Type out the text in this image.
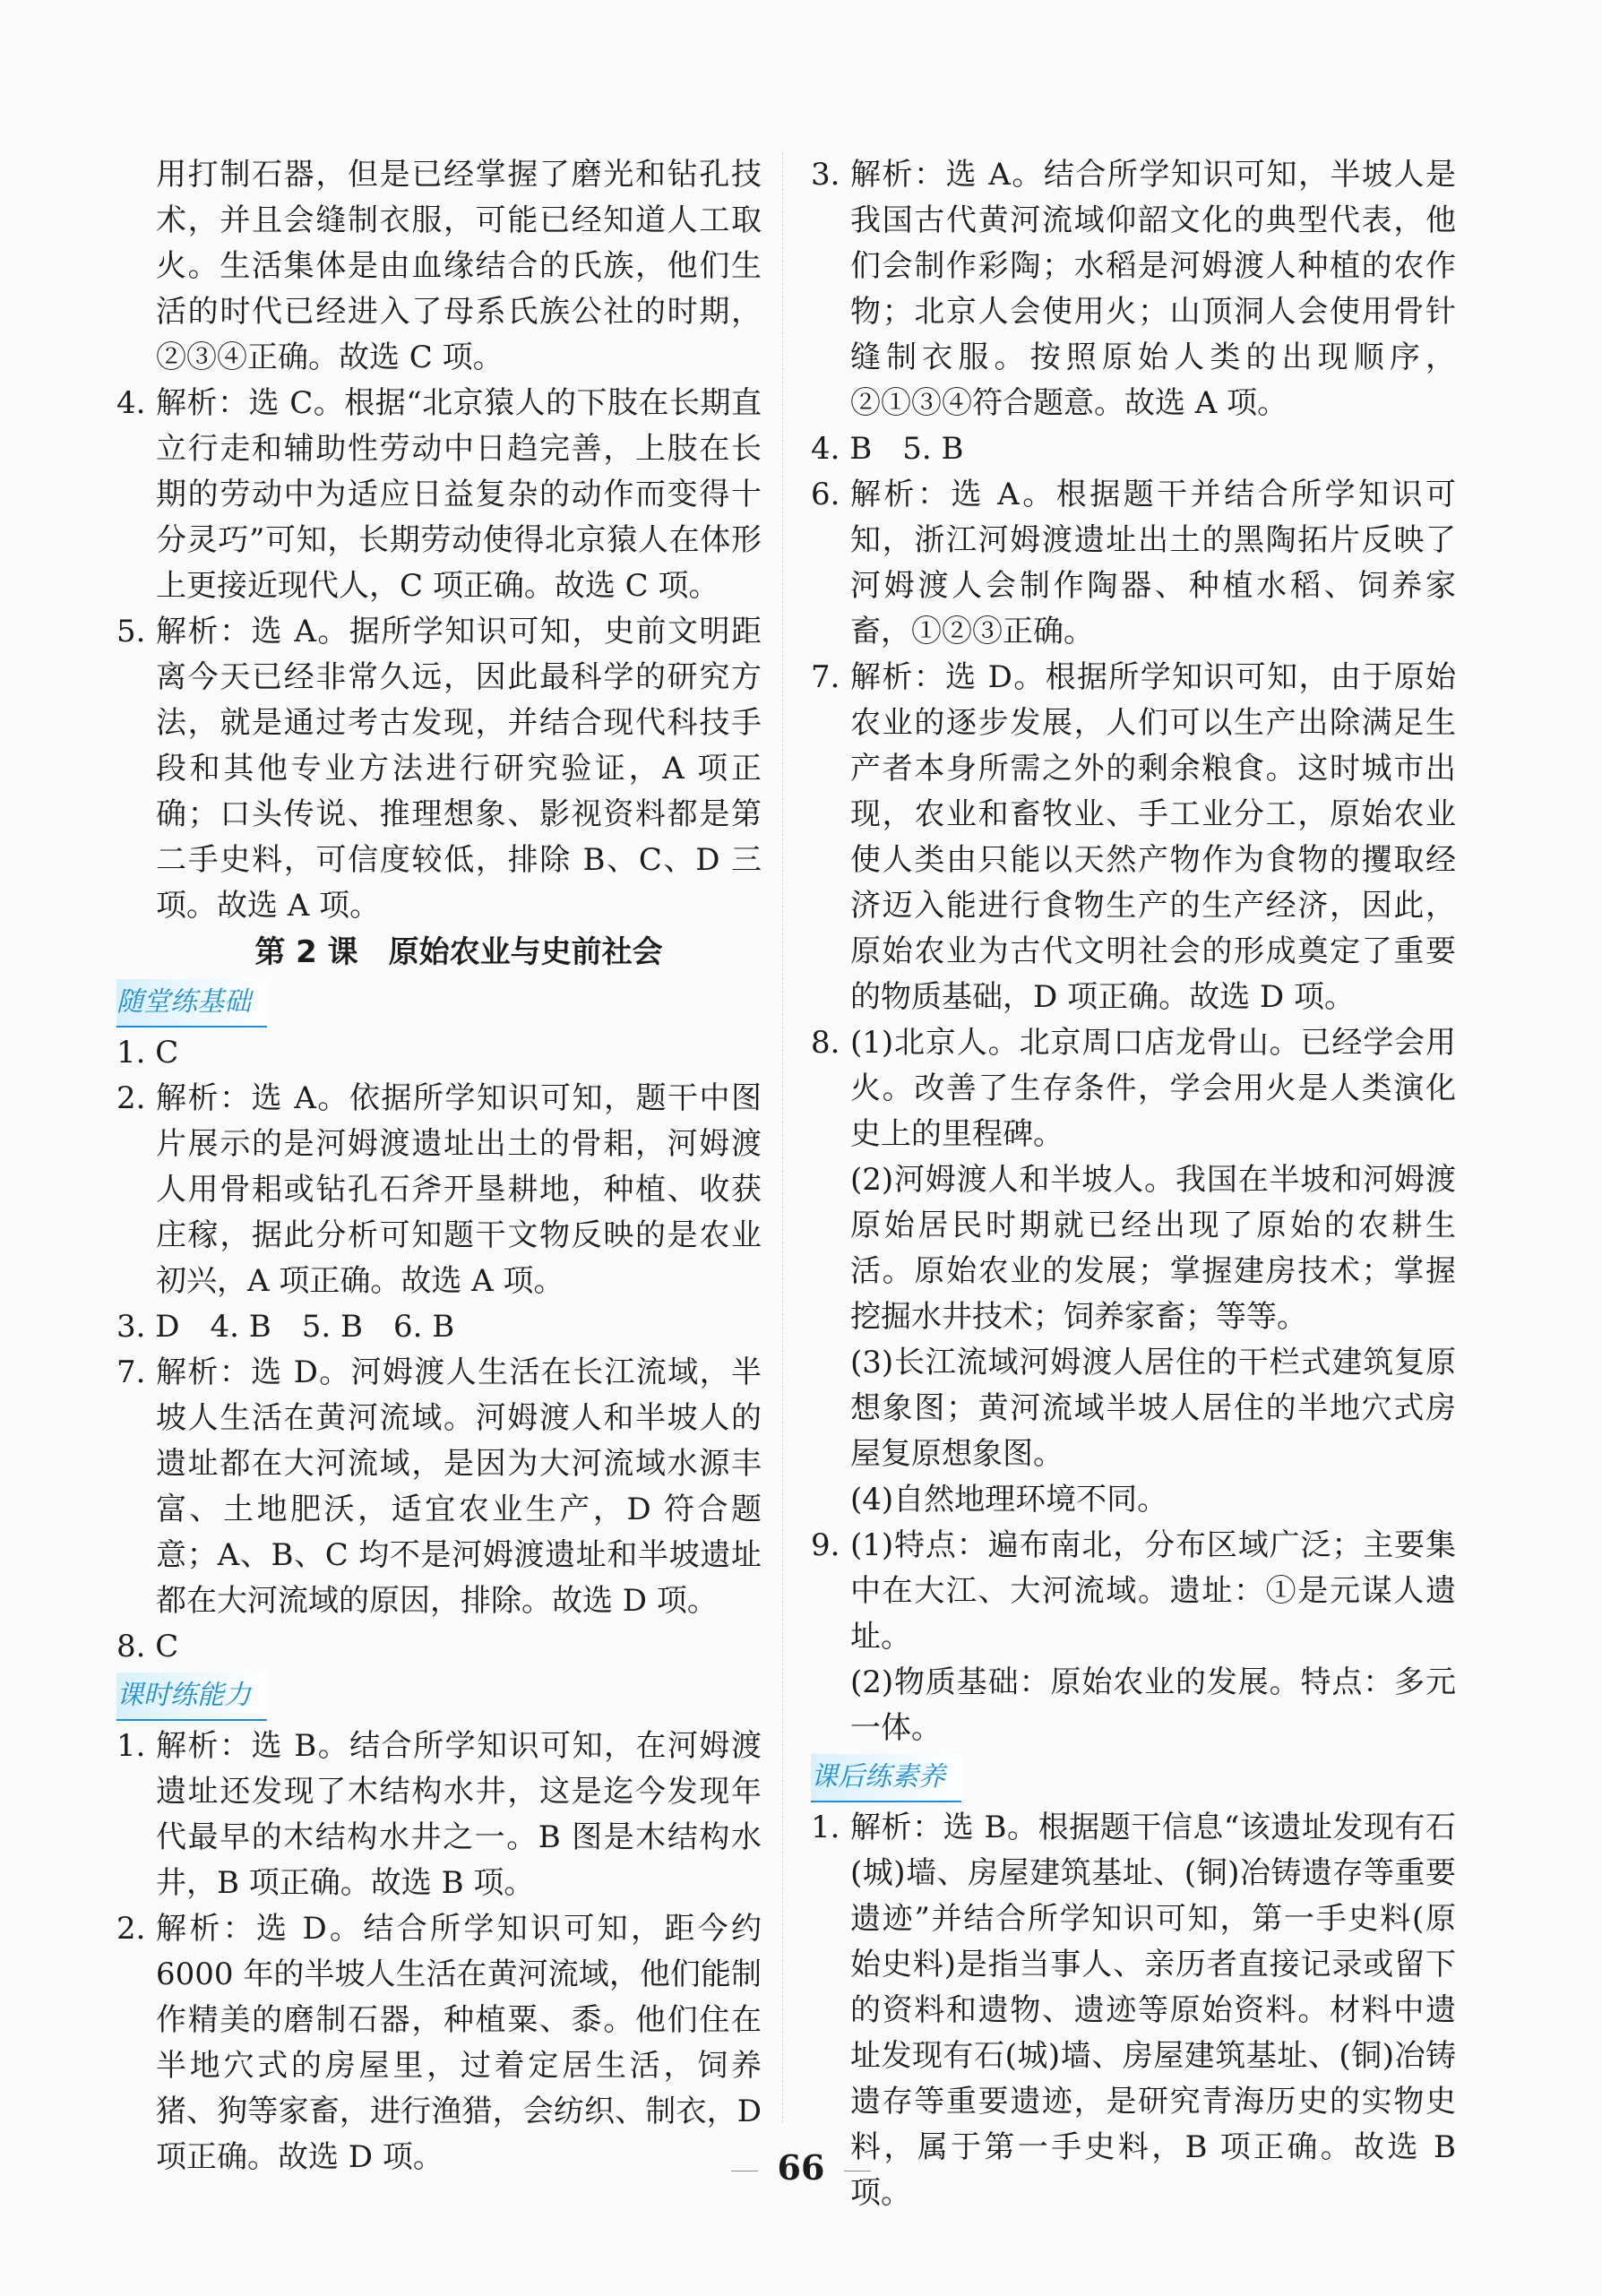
用打制石器，但是已经掌握了磨光和钻孔技术，并且会缝制衣服，可能已经知道人工取火。生活集体是由血缘结合的氏族，他们生活的时代已经进入了母系氏族公社的时期，②③④正确。故选 C 项。

4. 解析：选 C。根据“北京猿人的下肢在长期直立行走和辅助性劳动中日趋完善，上肢在长期的劳动中为适应日益复杂的动作而变得十分灵巧”可知，长期劳动使得北京猿人在体形上更接近现代人，C 项正确。故选 C 项。

5. 解析：选 A。据所学知识可知，史前文明距离今天已经非常久远，因此最科学的研究方法，就是通过考古发现，并结合现代科技手段和其他专业方法进行研究验证，A 项正确；口头传说、推理想象、影视资料都是第二手史料，可信度较低，排除 B、C、D 三项。故选 A 项。

第 2 课　原始农业与史前社会

随堂练基础

1. C

2. 解析：选 A。依据所学知识可知，题干中图片展示的是河姆渡遗址出土的骨耜，河姆渡人用骨耜或钻孔石斧开垦耕地，种植、收获庄稼，据此分析可知题干文物反映的是农业初兴，A 项正确。故选 A 项。

3. D　4. B　5. B　6. B

7. 解析：选 D。河姆渡人生活在长江流域，半坡人生活在黄河流域。河姆渡人和半坡人的遗址都在大河流域，是因为大河流域水源丰富、土地肥沃，适宜农业生产，D 符合题意；A、B、C 均不是河姆渡遗址和半坡遗址都在大河流域的原因，排除。故选 D 项。

8. C

课时练能力

1. 解析：选 B。结合所学知识可知，在河姆渡遗址还发现了木结构水井，这是迄今发现年代最早的木结构水井之一。B 图是木结构水井，B 项正确。故选 B 项。

2. 解析：选 D。结合所学知识可知，距今约 6000 年的半坡人生活在黄河流域，他们能制作精美的磨制石器，种植粟、黍。他们住在半地穴式的房屋里，过着定居生活，饲养猪、狗等家畜，进行渔猎，会纺织、制衣，D 项正确。故选 D 项。

3. 解析：选 A。结合所学知识可知，半坡人是我国古代黄河流域仰韶文化的典型代表，他们会制作彩陶；水稻是河姆渡人种植的农作物；北京人会使用火；山顶洞人会使用骨针缝制衣服。按照原始人类的出现顺序，②①③④符合题意。故选 A 项。

4. B　5. B

6. 解析：选 A。根据题干并结合所学知识可知，浙江河姆渡遗址出土的黑陶拓片反映了河姆渡人会制作陶器、种植水稻、饲养家畜，①②③正确。

7. 解析：选 D。根据所学知识可知，由于原始农业的逐步发展，人们可以生产出除满足生产者本身所需之外的剩余粮食。这时城市出现，农业和畜牧业、手工业分工，原始农业使人类由只能以天然产物作为食物的攫取经济迈入能进行食物生产的生产经济，因此，原始农业为古代文明社会的形成奠定了重要的物质基础，D 项正确。故选 D 项。

8. (1)北京人。北京周口店龙骨山。已经学会用火。改善了生存条件，学会用火是人类演化史上的里程碑。

(2)河姆渡人和半坡人。我国在半坡和河姆渡原始居民时期就已经出现了原始的农耕生活。原始农业的发展；掌握建房技术；掌握挖掘水井技术；饲养家畜；等等。

(3)长江流域河姆渡人居住的干栏式建筑复原想象图；黄河流域半坡人居住的半地穴式房屋复原想象图。

(4)自然地理环境不同。

9. (1)特点：遍布南北，分布区域广泛；主要集中在大江、大河流域。遗址：①是元谋人遗址。

(2)物质基础：原始农业的发展。特点：多元一体。

课后练素养

1. 解析：选 B。根据题干信息“该遗址发现有石(城)墙、房屋建筑基址、(铜)冶铸遗存等重要遗迹”并结合所学知识可知，第一手史料(原始史料)是指当事人、亲历者直接记录或留下的资料和遗物、遗迹等原始资料。材料中遗址发现有石(城)墙、房屋建筑基址、(铜)冶铸遗存等重要遗迹，是研究青海历史的实物史料，属于第一手史料，B 项正确。故选 B 项。

66
